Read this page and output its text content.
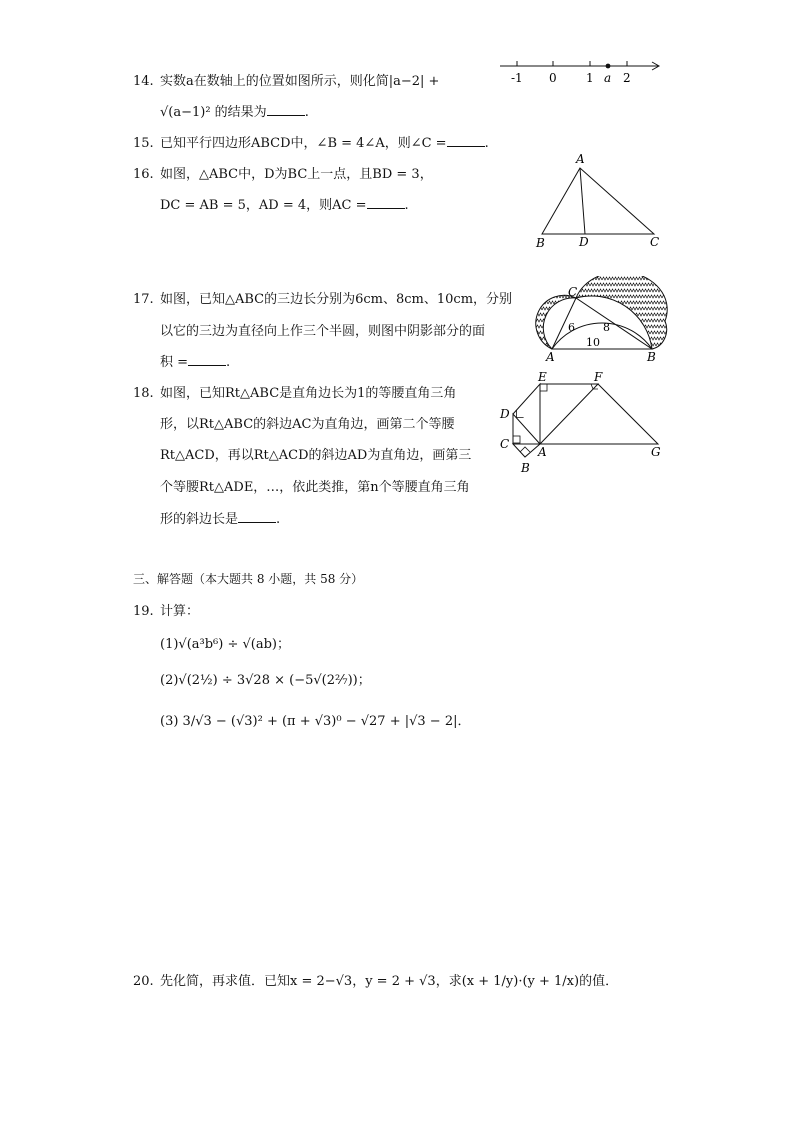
14. 实数a在数轴上的位置如图所示，则化简|a−2| +
√(a−1)² 的结果为	.
-1 0 1 a 2
15. 已知平行四边形ABCD中，∠B = 4∠A，则∠C =	.
16. 如图，△ABC中，D为BC上一点，且BD = 3，
DC = AB = 5，AD = 4，则AC =	.
A
B	D	C
17. 如图，已知△ABC的三边长分别为6cm、8cm、10cm，分别
以它的三边为直径向上作三个半圆，则图中阴影部分的面
积 =	.	A	B
C
6	8
10
18. 如图，已知Rt△ABC是直角边长为1的等腰直角三角
形，以Rt△ABC的斜边AC为直角边，画第二个等腰
Rt△ACD，再以Rt△ACD的斜边AD为直角边，画第三
个等腰Rt△ADE，…，依此类推，第n个等腰直角三角
形的斜边长是	.
E	F
D
C
A
B
G
三、解答题（本大题共 8 小题，共 58 分）
19. 计算：
(1)√(a³b⁶) ÷ √(ab)；
(2)√(2½) ÷ 3√28 × (−5√(2²⁄₇))；
(3) 3/√3 − (√3)² + (π + √3)⁰ − √27 + |√3 − 2|．
20. 先化简，再求值．已知x = 2−√3，y = 2 + √3，求(x + 1/y)·(y + 1/x)的值．
